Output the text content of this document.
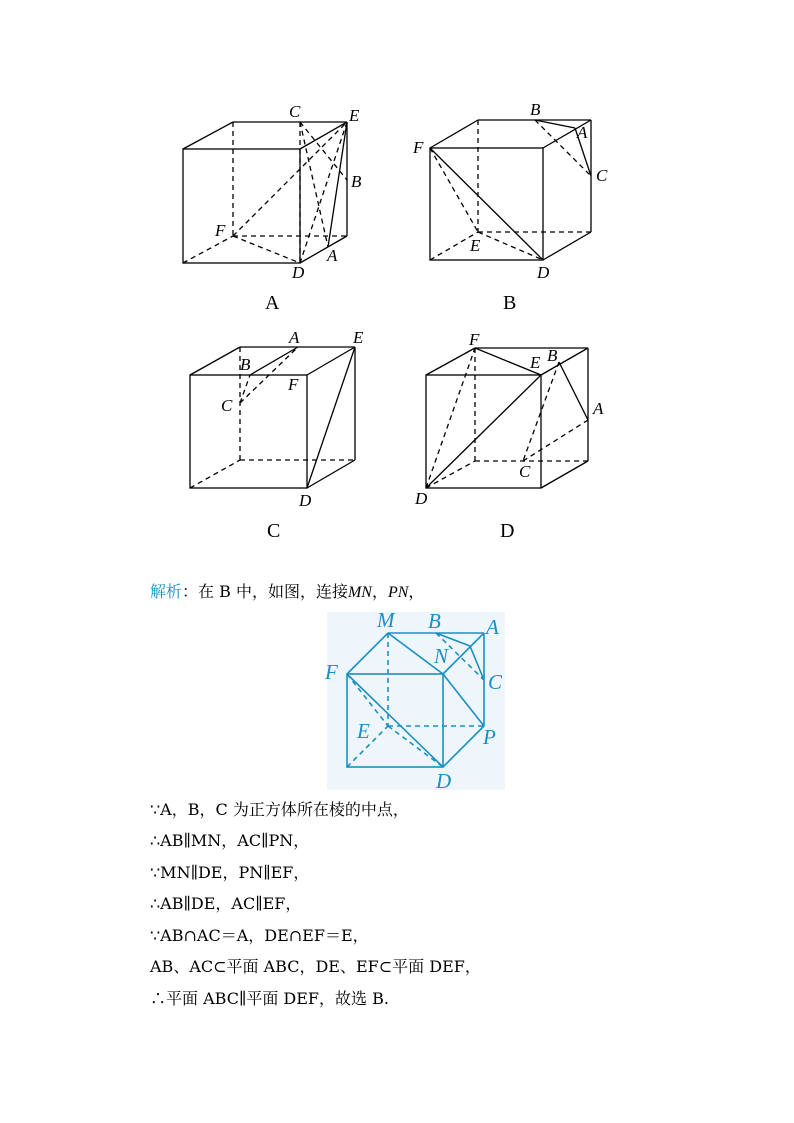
C	E
B
F
D
A
A
B
A
F
C
E
D
B
A	E
B
F
C
D
C
F
E B
A
C
D
D
M B A
N
F	C
E	P
D
解析：在 B 中，如图，连接MN，PN，
∵A，B，C 为正方体所在棱的中点，
∴AB∥MN，AC∥PN，
∵MN∥DE，PN∥EF，
∴AB∥DE，AC∥EF，
∵AB∩AC＝A，DE∩EF＝E，
AB、AC⊂平面 ABC，DE、EF⊂平面 DEF，
∴平面 ABC∥平面 DEF，故选 B.
